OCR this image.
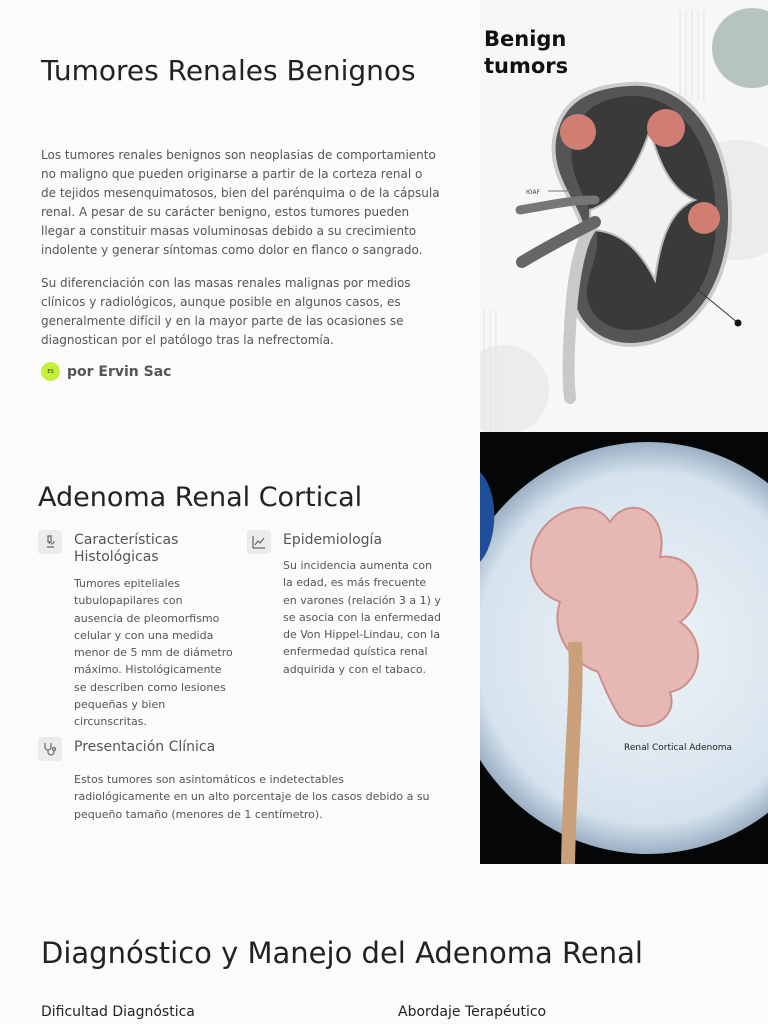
Tumores Renales Benignos

Los tumores renales benignos son neoplasias de comportamiento no maligno que pueden originarse a partir de la corteza renal o de tejidos mesenquimatosos, bien del parénquima o de la cápsula renal. A pesar de su carácter benigno, estos tumores pueden llegar a constituir masas voluminosas debido a su crecimiento indolente y generar síntomas como dolor en flanco o sangrado.

Su diferenciación con las masas renales malignas por medios clínicos y radiológicos, aunque posible en algunos casos, es generalmente difícil y en la mayor parte de las ocasiones se diagnostican por el patólogo tras la nefrectomía.

ES por Ervin Sac
ЮАF
Benign
tumors
Adenoma Renal Cortical
Características Histológicas

Tumores epiteliales tubulopapilares con ausencia de pleomorfismo celular y con una medida menor de 5 mm de diámetro máximo. Histológicamente se describen como lesiones pequeñas y bien circunscritas.

Epidemiología

Su incidencia aumenta con la edad, es más frecuente en varones (relación 3 a 1) y se asocia con la enfermedad de Von Hippel-Lindau, con la enfermedad quística renal adquirida y con el tabaco.

Presentación Clínica

Estos tumores son asintomáticos e indetectables radiológicamente en un alto porcentaje de los casos debido a su pequeño tamaño (menores de 1 centímetro).

Renal Cortical Adenoma
Diagnóstico y Manejo del Adenoma Renal
Dificultad Diagnóstica	Abordaje Terapéutico
